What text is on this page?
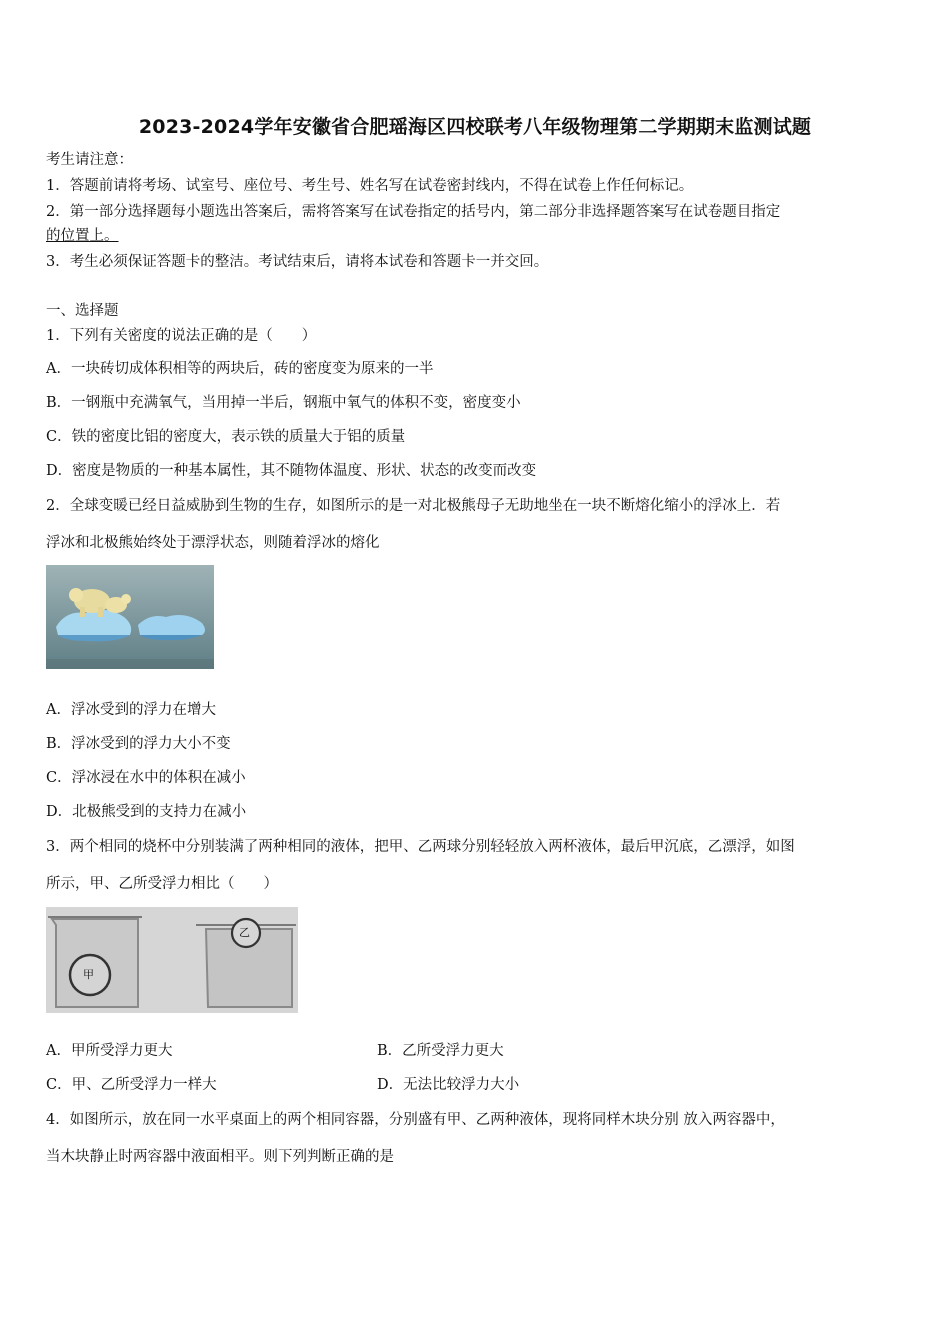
2023-2024学年安徽省合肥瑶海区四校联考八年级物理第二学期期末监测试题
考生请注意：
1．答题前请将考场、试室号、座位号、考生号、姓名写在试卷密封线内，不得在试卷上作任何标记。
2．第一部分选择题每小题选出答案后，需将答案写在试卷指定的括号内，第二部分非选择题答案写在试卷题目指定
的位置上。
3．考生必须保证答题卡的整洁。考试结束后，请将本试卷和答题卡一并交回。
一、选择题
1．下列有关密度的说法正确的是（　　）
A．一块砖切成体积相等的两块后，砖的密度变为原来的一半
B．一钢瓶中充满氧气，当用掉一半后，钢瓶中氧气的体积不变，密度变小
C．铁的密度比铝的密度大，表示铁的质量大于铝的质量
D．密度是物质的一种基本属性，其不随物体温度、形状、状态的改变而改变
2．全球变暖已经日益威胁到生物的生存，如图所示的是一对北极熊母子无助地坐在一块不断熔化缩小的浮冰上．若
浮冰和北极熊始终处于漂浮状态，则随着浮冰的熔化
A．浮冰受到的浮力在增大
B．浮冰受到的浮力大小不变
C．浮冰浸在水中的体积在减小
D．北极熊受到的支持力在减小
3．两个相同的烧杯中分别装满了两种相同的液体，把甲、乙两球分别轻轻放入两杯液体，最后甲沉底，乙漂浮，如图
所示，甲、乙所受浮力相比（　　）
甲
乙
A．甲所受浮力更大	B．乙所受浮力更大
C．甲、乙所受浮力一样大	D．无法比较浮力大小
4．如图所示，放在同一水平桌面上的两个相同容器，分别盛有甲、乙两种液体，现将同样木块分别 放入两容器中，
当木块静止时两容器中液面相平。则下列判断正确的是
